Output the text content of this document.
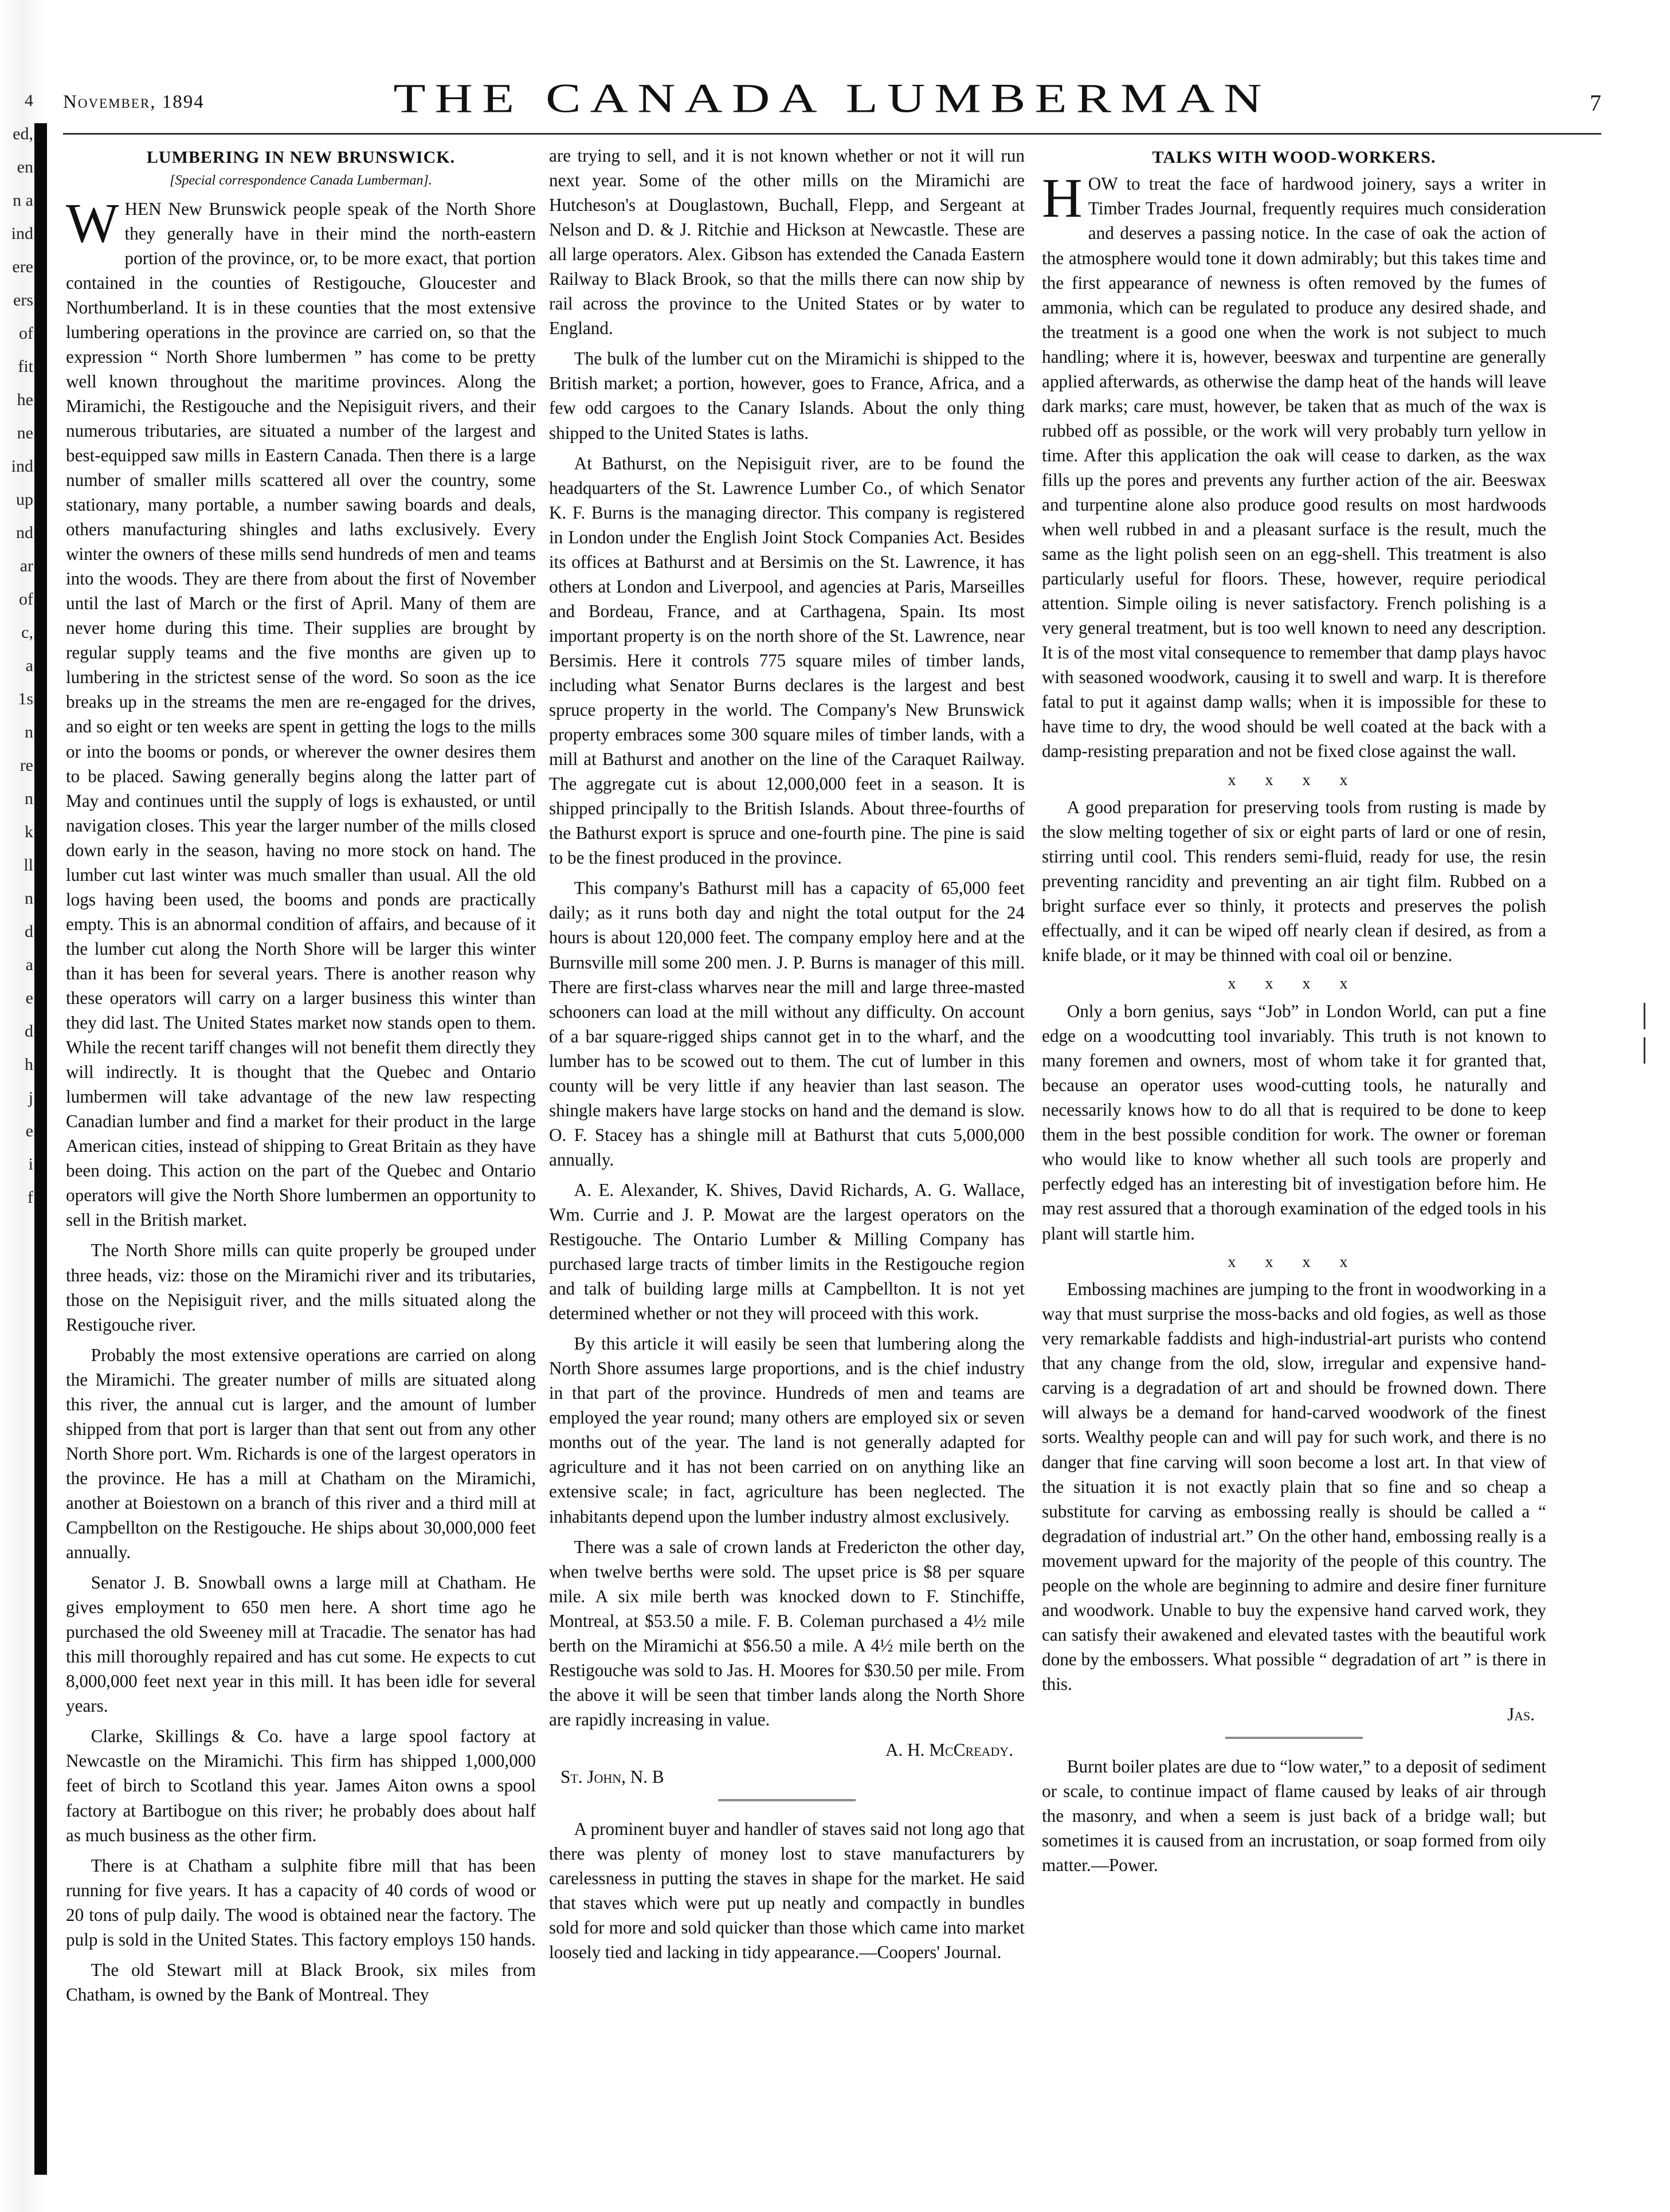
4
ed,
en
n a
ind
ere
ers
of
fit
he
ne
ind
up
nd
ar
of
c,
a
1s
n
re
n
k
ll
n
d
a
e
d
h
j
e
i
f
November, 1894	THE CANADA LUMBERMAN	7
LUMBERING IN NEW BRUNSWICK.
[Special correspondence Canada Lumberman].

WHEN New Brunswick people speak of the North Shore they generally have in their mind the north-eastern portion of the province, or, to be more exact, that portion contained in the counties of Restigouche, Gloucester and Northumberland. It is in these counties that the most extensive lumbering operations in the province are carried on, so that the expression “ North Shore lumbermen ” has come to be pretty well known throughout the maritime provinces. Along the Miramichi, the Restigouche and the Nepisiguit rivers, and their numerous tributaries, are situated a number of the largest and best-equipped saw mills in Eastern Canada. Then there is a large number of smaller mills scattered all over the country, some stationary, many portable, a number sawing boards and deals, others manufacturing shingles and laths exclusively. Every winter the owners of these mills send hundreds of men and teams into the woods. They are there from about the first of November until the last of March or the first of April. Many of them are never home during this time. Their supplies are brought by regular supply teams and the five months are given up to lumbering in the strictest sense of the word. So soon as the ice breaks up in the streams the men are re-engaged for the drives, and so eight or ten weeks are spent in getting the logs to the mills or into the booms or ponds, or wherever the owner desires them to be placed. Sawing generally begins along the latter part of May and continues until the supply of logs is exhausted, or until navigation closes. This year the larger number of the mills closed down early in the season, having no more stock on hand. The lumber cut last winter was much smaller than usual. All the old logs having been used, the booms and ponds are practically empty. This is an abnormal condition of affairs, and because of it the lumber cut along the North Shore will be larger this winter than it has been for several years. There is another reason why these operators will carry on a larger business this winter than they did last. The United States market now stands open to them. While the recent tariff changes will not benefit them directly they will indirectly. It is thought that the Quebec and Ontario lumbermen will take advantage of the new law respecting Canadian lumber and find a market for their product in the large American cities, instead of shipping to Great Britain as they have been doing. This action on the part of the Quebec and Ontario operators will give the North Shore lumbermen an opportunity to sell in the British market.

The North Shore mills can quite properly be grouped under three heads, viz: those on the Miramichi river and its tributaries, those on the Nepisiguit river, and the mills situated along the Restigouche river.

Probably the most extensive operations are carried on along the Miramichi. The greater number of mills are situated along this river, the annual cut is larger, and the amount of lumber shipped from that port is larger than that sent out from any other North Shore port. Wm. Richards is one of the largest operators in the province. He has a mill at Chatham on the Miramichi, another at Boiestown on a branch of this river and a third mill at Campbellton on the Restigouche. He ships about 30,000,000 feet annually.

Senator J. B. Snowball owns a large mill at Chatham. He gives employment to 650 men here. A short time ago he purchased the old Sweeney mill at Tracadie. The senator has had this mill thoroughly repaired and has cut some. He expects to cut 8,000,000 feet next year in this mill. It has been idle for several years.

Clarke, Skillings & Co. have a large spool factory at Newcastle on the Miramichi. This firm has shipped 1,000,000 feet of birch to Scotland this year. James Aiton owns a spool factory at Bartibogue on this river; he probably does about half as much business as the other firm.

There is at Chatham a sulphite fibre mill that has been running for five years. It has a capacity of 40 cords of wood or 20 tons of pulp daily. The wood is obtained near the factory. The pulp is sold in the United States. This factory employs 150 hands.

The old Stewart mill at Black Brook, six miles from Chatham, is owned by the Bank of Montreal. They

are trying to sell, and it is not known whether or not it will run next year. Some of the other mills on the Miramichi are Hutcheson's at Douglastown, Buchall, Flepp, and Sergeant at Nelson and D. & J. Ritchie and Hickson at Newcastle. These are all large operators. Alex. Gibson has extended the Canada Eastern Railway to Black Brook, so that the mills there can now ship by rail across the province to the United States or by water to England.

The bulk of the lumber cut on the Miramichi is shipped to the British market; a portion, however, goes to France, Africa, and a few odd cargoes to the Canary Islands. About the only thing shipped to the United States is laths.

At Bathurst, on the Nepisiguit river, are to be found the headquarters of the St. Lawrence Lumber Co., of which Senator K. F. Burns is the managing director. This company is registered in London under the English Joint Stock Companies Act. Besides its offices at Bathurst and at Bersimis on the St. Lawrence, it has others at London and Liverpool, and agencies at Paris, Marseilles and Bordeau, France, and at Carthagena, Spain. Its most important property is on the north shore of the St. Lawrence, near Bersimis. Here it controls 775 square miles of timber lands, including what Senator Burns declares is the largest and best spruce property in the world. The Company's New Brunswick property embraces some 300 square miles of timber lands, with a mill at Bathurst and another on the line of the Caraquet Railway. The aggregate cut is about 12,000,000 feet in a season. It is shipped principally to the British Islands. About three-fourths of the Bathurst export is spruce and one-fourth pine. The pine is said to be the finest produced in the province.

This company's Bathurst mill has a capacity of 65,000 feet daily; as it runs both day and night the total output for the 24 hours is about 120,000 feet. The company employ here and at the Burnsville mill some 200 men. J. P. Burns is manager of this mill. There are first-class wharves near the mill and large three-masted schooners can load at the mill without any difficulty. On account of a bar square-rigged ships cannot get in to the wharf, and the lumber has to be scowed out to them. The cut of lumber in this county will be very little if any heavier than last season. The shingle makers have large stocks on hand and the demand is slow. O. F. Stacey has a shingle mill at Bathurst that cuts 5,000,000 annually.

A. E. Alexander, K. Shives, David Richards, A. G. Wallace, Wm. Currie and J. P. Mowat are the largest operators on the Restigouche. The Ontario Lumber & Milling Company has purchased large tracts of timber limits in the Restigouche region and talk of building large mills at Campbellton. It is not yet determined whether or not they will proceed with this work.

By this article it will easily be seen that lumbering along the North Shore assumes large proportions, and is the chief industry in that part of the province. Hundreds of men and teams are employed the year round; many others are employed six or seven months out of the year. The land is not generally adapted for agriculture and it has not been carried on on anything like an extensive scale; in fact, agriculture has been neglected. The inhabitants depend upon the lumber industry almost exclusively.

There was a sale of crown lands at Fredericton the other day, when twelve berths were sold. The upset price is $8 per square mile. A six mile berth was knocked down to F. Stinchiffe, Montreal, at $53.50 a mile. F. B. Coleman purchased a 4½ mile berth on the Miramichi at $56.50 a mile. A 4½ mile berth on the Restigouche was sold to Jas. H. Moores for $30.50 per mile. From the above it will be seen that timber lands along the North Shore are rapidly increasing in value.

A. H. McCready.
St. John, N. B

A prominent buyer and handler of staves said not long ago that there was plenty of money lost to stave manufacturers by carelessness in putting the staves in shape for the market. He said that staves which were put up neatly and compactly in bundles sold for more and sold quicker than those which came into market loosely tied and lacking in tidy appearance.—Coopers' Journal.

TALKS WITH WOOD-WORKERS.

HOW to treat the face of hardwood joinery, says a writer in Timber Trades Journal, frequently requires much consideration and deserves a passing notice. In the case of oak the action of the atmosphere would tone it down admirably; but this takes time and the first appearance of newness is often removed by the fumes of ammonia, which can be regulated to produce any desired shade, and the treatment is a good one when the work is not subject to much handling; where it is, however, beeswax and turpentine are generally applied afterwards, as otherwise the damp heat of the hands will leave dark marks; care must, however, be taken that as much of the wax is rubbed off as possible, or the work will very probably turn yellow in time. After this application the oak will cease to darken, as the wax fills up the pores and prevents any further action of the air. Beeswax and turpentine alone also produce good results on most hardwoods when well rubbed in and a pleasant surface is the result, much the same as the light polish seen on an egg-shell. This treatment is also particularly useful for floors. These, however, require periodical attention. Simple oiling is never satisfactory. French polishing is a very general treatment, but is too well known to need any description. It is of the most vital consequence to remember that damp plays havoc with seasoned woodwork, causing it to swell and warp. It is therefore fatal to put it against damp walls; when it is impossible for these to have time to dry, the wood should be well coated at the back with a damp-resisting preparation and not be fixed close against the wall.

x x x x

A good preparation for preserving tools from rusting is made by the slow melting together of six or eight parts of lard or one of resin, stirring until cool. This renders semi-fluid, ready for use, the resin preventing rancidity and preventing an air tight film. Rubbed on a bright surface ever so thinly, it protects and preserves the polish effectually, and it can be wiped off nearly clean if desired, as from a knife blade, or it may be thinned with coal oil or benzine.

x x x x

Only a born genius, says “Job” in London World, can put a fine edge on a woodcutting tool invariably. This truth is not known to many foremen and owners, most of whom take it for granted that, because an operator uses wood-cutting tools, he naturally and necessarily knows how to do all that is required to be done to keep them in the best possible condition for work. The owner or foreman who would like to know whether all such tools are properly and perfectly edged has an interesting bit of investigation before him. He may rest assured that a thorough examination of the edged tools in his plant will startle him.

x x x x

Embossing machines are jumping to the front in woodworking in a way that must surprise the moss-backs and old fogies, as well as those very remarkable faddists and high-industrial-art purists who contend that any change from the old, slow, irregular and expensive hand-carving is a degradation of art and should be frowned down. There will always be a demand for hand-carved woodwork of the finest sorts. Wealthy people can and will pay for such work, and there is no danger that fine carving will soon become a lost art. In that view of the situation it is not exactly plain that so fine and so cheap a substitute for carving as embossing really is should be called a “ degradation of industrial art.” On the other hand, embossing really is a movement upward for the majority of the people of this country. The people on the whole are beginning to admire and desire finer furniture and woodwork. Unable to buy the expensive hand carved work, they can satisfy their awakened and elevated tastes with the beautiful work done by the embossers. What possible “ degradation of art ” is there in this.

Jas.

Burnt boiler plates are due to “low water,” to a deposit of sediment or scale, to continue impact of flame caused by leaks of air through the masonry, and when a seem is just back of a bridge wall; but sometimes it is caused from an incrustation, or soap formed from oily matter.—Power.
